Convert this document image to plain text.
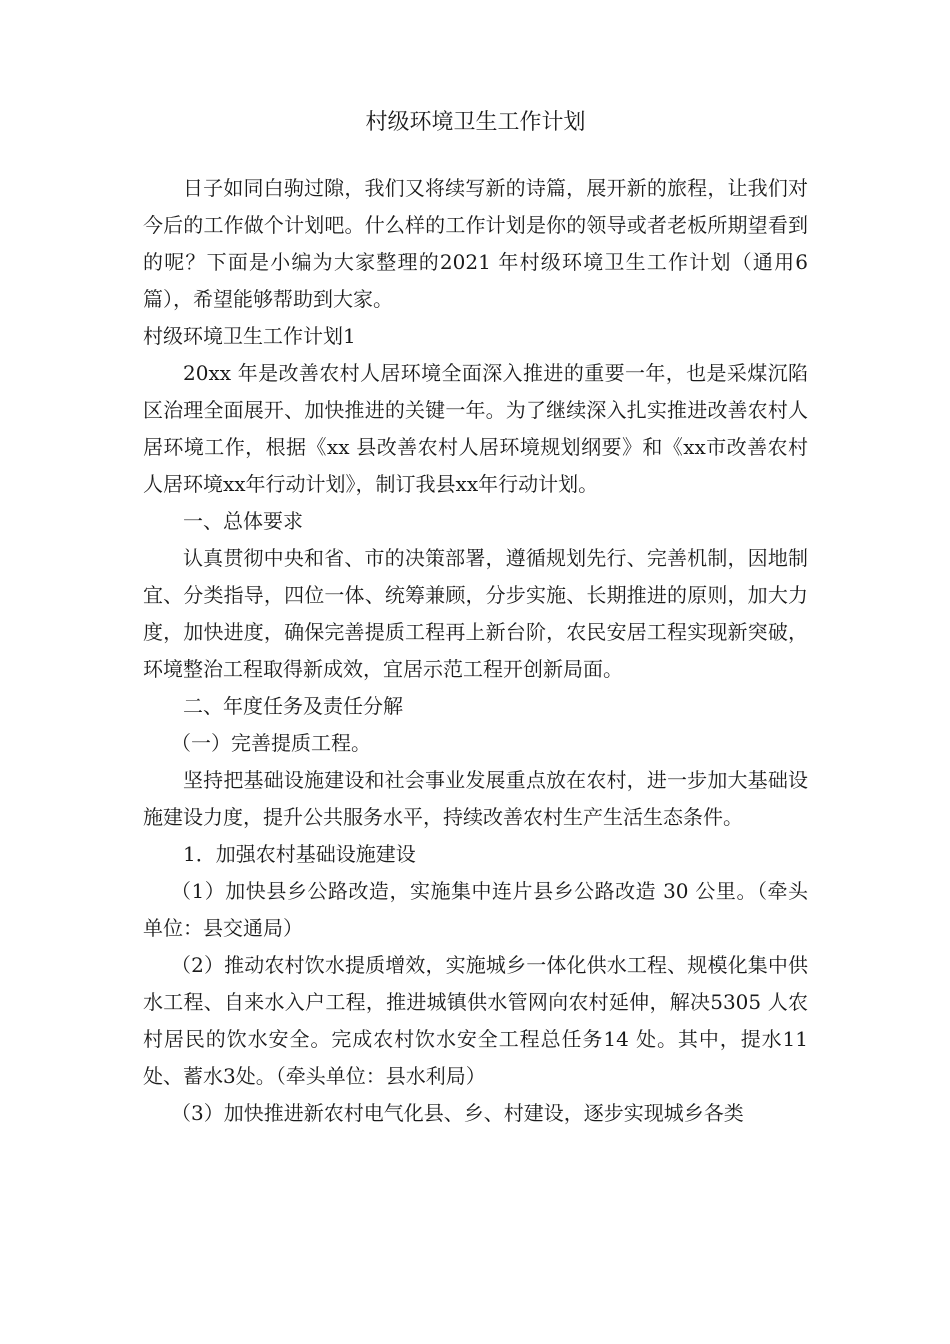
村级环境卫生工作计划

日子如同白驹过隙，我们又将续写新的诗篇，展开新的旅程，让我们对今后的工作做个计划吧。什么样的工作计划是你的领导或者老板所期望看到的呢？下面是小编为大家整理的2021 年村级环境卫生工作计划（通用6篇），希望能够帮助到大家。

村级环境卫生工作计划1

20xx 年是改善农村人居环境全面深入推进的重要一年，也是采煤沉陷区治理全面展开、加快推进的关键一年。为了继续深入扎实推进改善农村人居环境工作，根据《xx 县改善农村人居环境规划纲要》和《xx市改善农村人居环境xx年行动计划》，制订我县xx年行动计划。

一、总体要求

认真贯彻中央和省、市的决策部署，遵循规划先行、完善机制，因地制宜、分类指导，四位一体、统筹兼顾，分步实施、长期推进的原则，加大力度，加快进度，确保完善提质工程再上新台阶，农民安居工程实现新突破，环境整治工程取得新成效，宜居示范工程开创新局面。

二、年度任务及责任分解

（一）完善提质工程。

坚持把基础设施建设和社会事业发展重点放在农村，进一步加大基础设施建设力度，提升公共服务水平，持续改善农村生产生活生态条件。

1．加强农村基础设施建设

（1）加快县乡公路改造，实施集中连片县乡公路改造 30 公里。（牵头单位：县交通局）

（2）推动农村饮水提质增效，实施城乡一体化供水工程、规模化集中供水工程、自来水入户工程，推进城镇供水管网向农村延伸，解决5305 人农村居民的饮水安全。完成农村饮水安全工程总任务14 处。其中，提水11 处、蓄水3处。（牵头单位：县水利局）

（3）加快推进新农村电气化县、乡、村建设，逐步实现城乡各类
